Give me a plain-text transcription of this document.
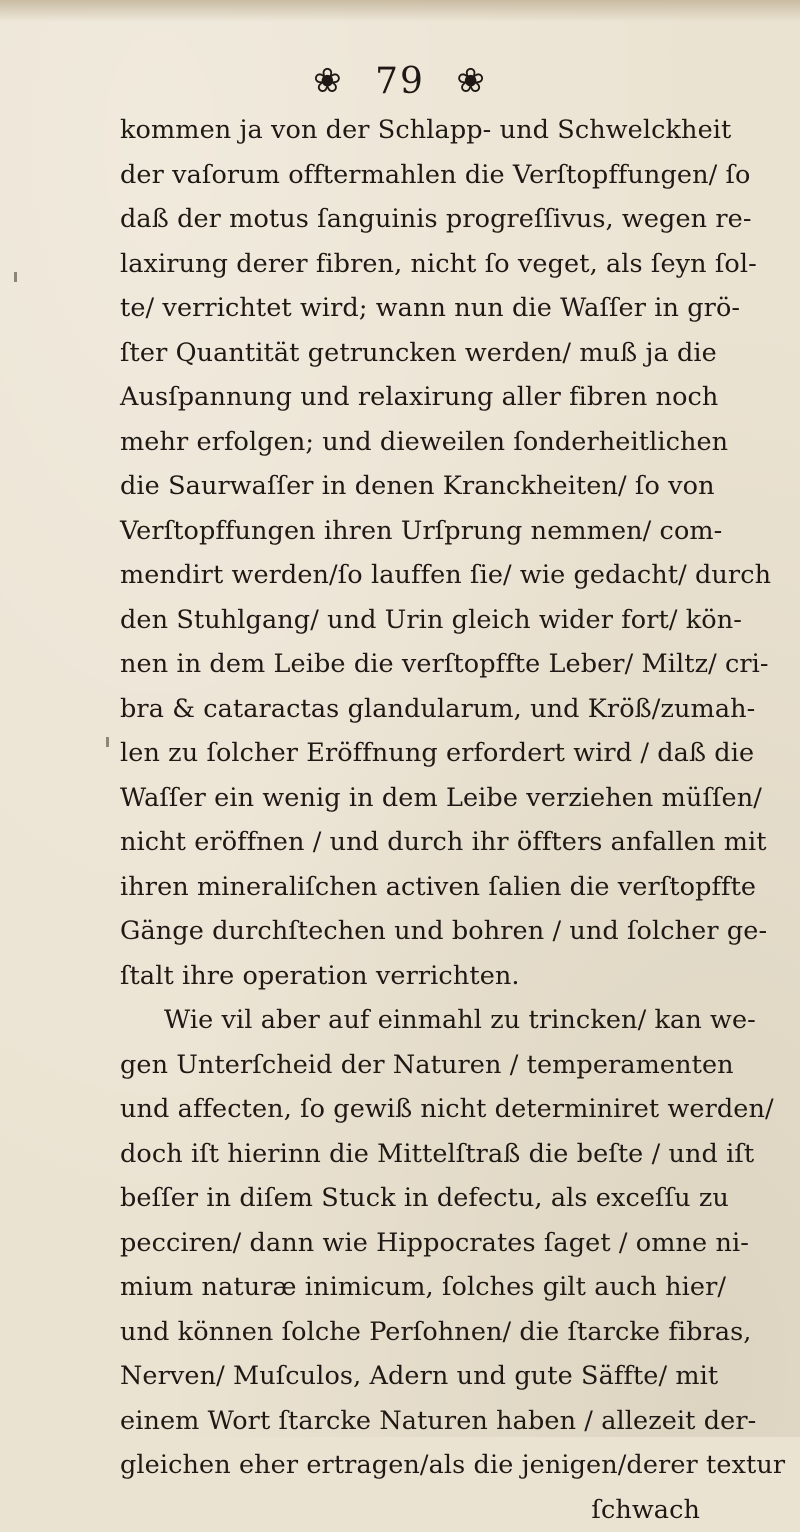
❀ 79 ❀
kommen ja von der Schlapp- und Schwelckheit
der vaſorum offtermahlen die Verſtopffungen/ ſo
daß der motus ſanguinis progreſſivus, wegen re-
laxirung derer fibren, nicht ſo veget, als ſeyn ſol-
te/ verrichtet wird; wann nun die Waſſer in grö-
ſter Quantität getruncken werden/ muß ja die
Ausſpannung und relaxirung aller fibren noch
mehr erfolgen; und dieweilen ſonderheitlichen
die Saurwaſſer in denen Kranckheiten/ ſo von
Verſtopffungen ihren Urſprung nemmen/ com-
mendirt werden/ſo lauffen ſie/ wie gedacht/ durch
den Stuhlgang/ und Urin gleich wider fort/ kön-
nen in dem Leibe die verſtopffte Leber/ Miltz/ cri-
bra & cataractas glandularum, und Kröß/zumah-
len zu ſolcher Eröffnung erfordert wird / daß die
Waſſer ein wenig in dem Leibe verziehen müſſen/
nicht eröffnen / und durch ihr öffters anfallen mit
ihren mineraliſchen activen ſalien die verſtopffte
Gänge durchſtechen und bohren / und ſolcher ge-
ſtalt ihre operation verrichten.
Wie vil aber auf einmahl zu trincken/ kan we-
gen Unterſcheid der Naturen / temperamenten
und affecten, ſo gewiß nicht determiniret werden/
doch iſt hierinn die Mittelſtraß die beſte / und iſt
beſſer in diſem Stuck in defectu, als exceſſu zu
pecciren/ dann wie Hippocrates ſaget / omne ni-
mium naturæ inimicum, ſolches gilt auch hier/
und können ſolche Perſohnen/ die ſtarcke fibras,
Nerven/ Muſculos, Adern und gute Säffte/ mit
einem Wort ſtarcke Naturen haben / allezeit der-
gleichen eher ertragen/als die jenigen/derer textur
ſchwach
